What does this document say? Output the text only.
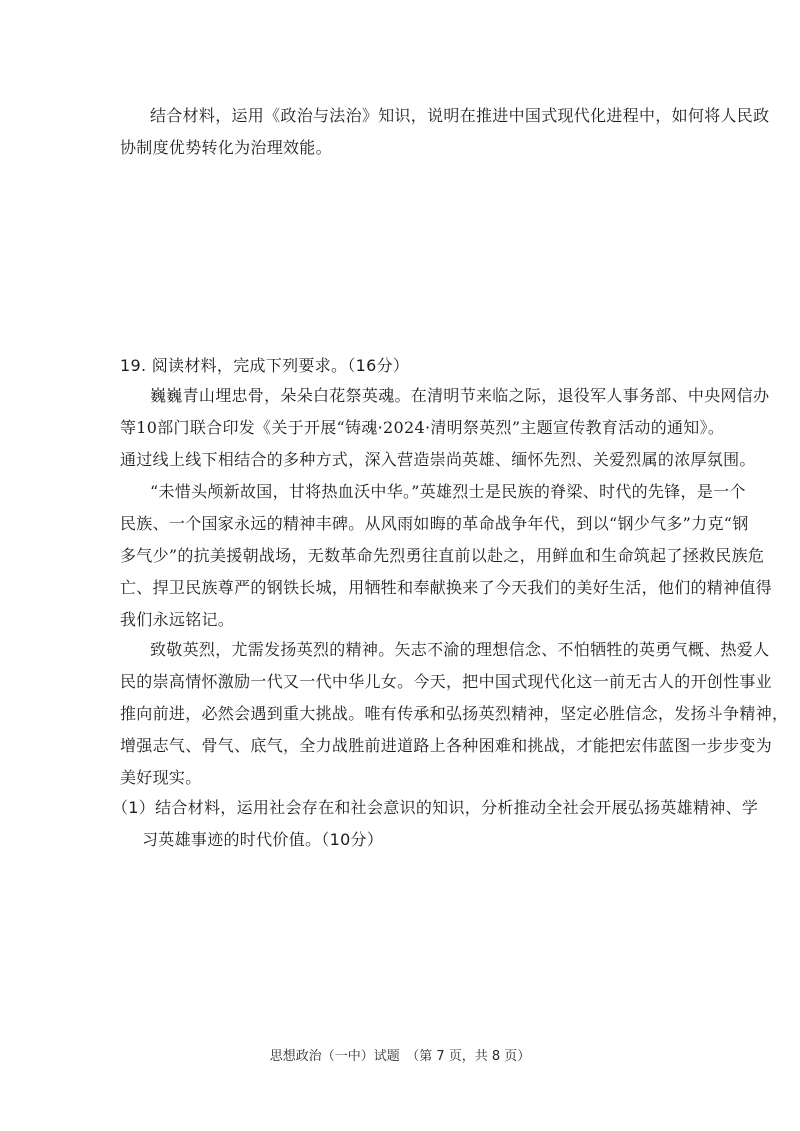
结合材料，运用《政治与法治》知识，说明在推进中国式现代化进程中，如何将人民政
协制度优势转化为治理效能。
19. 阅读材料，完成下列要求。（16分）
巍巍青山埋忠骨，朵朵白花祭英魂。在清明节来临之际，退役军人事务部、中央网信办
等10部门联合印发《关于开展“铸魂·2024·清明祭英烈”主题宣传教育活动的通知》。
通过线上线下相结合的多种方式，深入营造崇尚英雄、缅怀先烈、关爱烈属的浓厚氛围。
“未惜头颅新故国，甘将热血沃中华。”英雄烈士是民族的脊梁、时代的先锋，是一个
民族、一个国家永远的精神丰碑。从风雨如晦的革命战争年代，到以“钢少气多”力克“钢
多气少”的抗美援朝战场，无数革命先烈勇往直前以赴之，用鲜血和生命筑起了拯救民族危
亡、捍卫民族尊严的钢铁长城，用牺牲和奉献换来了今天我们的美好生活，他们的精神值得
我们永远铭记。
致敬英烈，尤需发扬英烈的精神。矢志不渝的理想信念、不怕牺牲的英勇气概、热爱人
民的崇高情怀激励一代又一代中华儿女。今天，把中国式现代化这一前无古人的开创性事业
推向前进，必然会遇到重大挑战。唯有传承和弘扬英烈精神，坚定必胜信念，发扬斗争精神，
增强志气、骨气、底气，全力战胜前进道路上各种困难和挑战，才能把宏伟蓝图一步步变为
美好现实。
（1）结合材料，运用社会存在和社会意识的知识，分析推动全社会开展弘扬英雄精神、学
习英雄事迹的时代价值。（10分）
思想政治（一中）试题　（第 7 页，共 8 页）
